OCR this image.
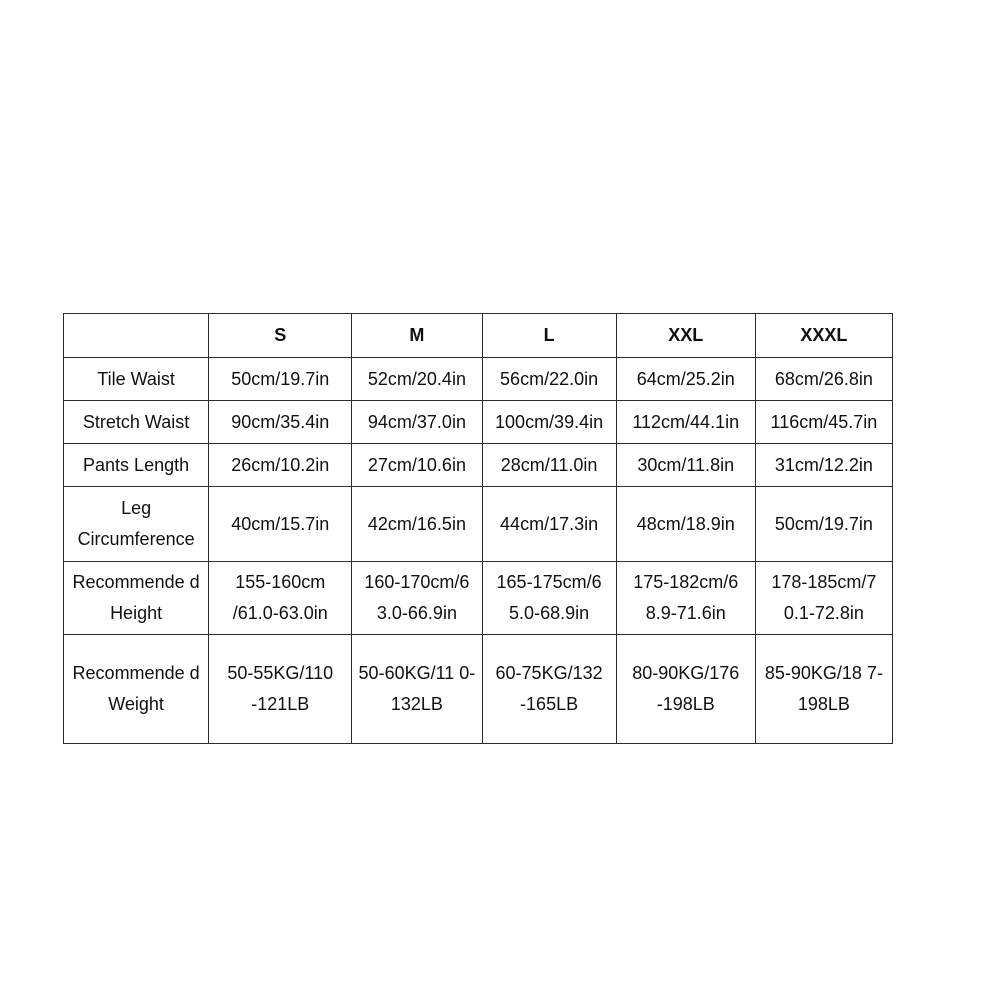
	S	M	L	XXL	XXXL
Tile Waist	50cm/19.7in	52cm/20.4in	56cm/22.0in	64cm/25.2in	68cm/26.8in
Stretch Waist	90cm/35.4in	94cm/37.0in	100cm/39.4in	112cm/44.1in	116cm/45.7in
Pants Length	26cm/10.2in	27cm/10.6in	28cm/11.0in	30cm/11.8in	31cm/12.2in
Leg Circumference	40cm/15.7in	42cm/16.5in	44cm/17.3in	48cm/18.9in	50cm/19.7in
Recommende d Height	155-160cm /61.0-63.0in	160-170cm/6 3.0-66.9in	165-175cm/6 5.0-68.9in	175-182cm/6 8.9-71.6in	178-185cm/7 0.1-72.8in
Recommende d Weight	50-55KG/110 -121LB	50-60KG/11 0-132LB	60-75KG/132 -165LB	80-90KG/176 -198LB	85-90KG/18 7-198LB
